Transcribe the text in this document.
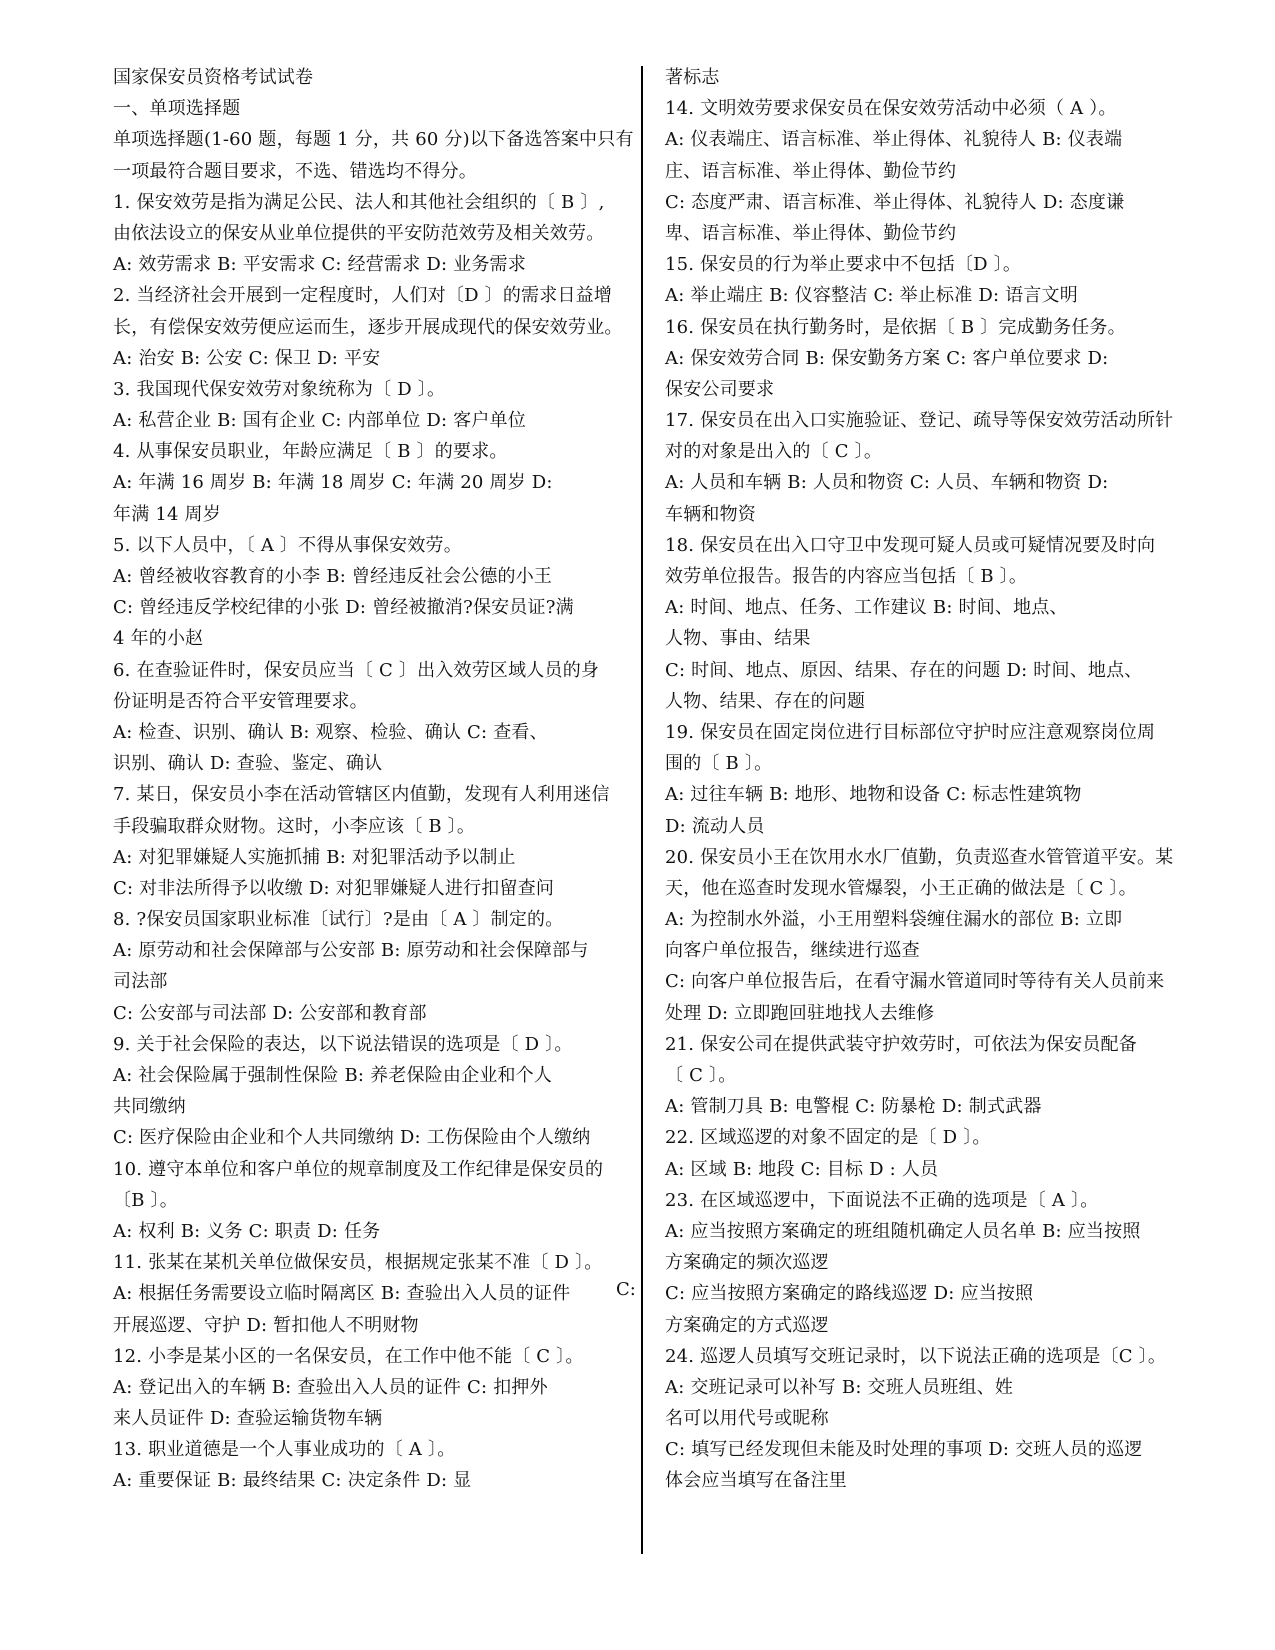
国家保安员资格考试试卷
一、单项选择题
单项选择题(1-60 题，每题 1 分，共 60 分)以下备选答案中只有
一项最符合题目要求，不选、错选均不得分。
1. 保安效劳是指为满足公民、法人和其他社会组织的〔 B 〕,
由依法设立的保安从业单位提供的平安防范效劳及相关效劳。
A: 效劳需求 B: 平安需求 C: 经营需求 D: 业务需求
2. 当经济社会开展到一定程度时，人们对〔D 〕的需求日益增
长，有偿保安效劳便应运而生，逐步开展成现代的保安效劳业。
A: 治安 B: 公安 C: 保卫 D: 平安
3. 我国现代保安效劳对象统称为〔 D 〕。
A: 私营企业 B: 国有企业 C: 内部单位 D: 客户单位
4. 从事保安员职业，年龄应满足〔 B 〕的要求。
A: 年满 16 周岁 B: 年满 18 周岁 C: 年满 20 周岁 D:
年满 14 周岁
5. 以下人员中，〔 A 〕不得从事保安效劳。
A: 曾经被收容教育的小李 B: 曾经违反社会公德的小王
C: 曾经违反学校纪律的小张 D: 曾经被撤消?保安员证?满
4 年的小赵
6. 在查验证件时，保安员应当〔 C 〕出入效劳区域人员的身
份证明是否符合平安管理要求。
A: 检查、识别、确认 B: 观察、检验、确认 C: 查看、
识别、确认 D: 查验、鉴定、确认
7. 某日，保安员小李在活动管辖区内值勤，发现有人利用迷信
手段骗取群众财物。这时，小李应该〔 B 〕。
A: 对犯罪嫌疑人实施抓捕 B: 对犯罪活动予以制止
C: 对非法所得予以收缴 D: 对犯罪嫌疑人进行扣留查问
8. ?保安员国家职业标准〔试行〕?是由〔 A 〕制定的。
A: 原劳动和社会保障部与公安部 B: 原劳动和社会保障部与
司法部
C: 公安部与司法部 D: 公安部和教育部
9. 关于社会保险的表达，以下说法错误的选项是〔 D 〕。
A: 社会保险属于强制性保险 B: 养老保险由企业和个人
共同缴纳
C: 医疗保险由企业和个人共同缴纳 D: 工伤保险由个人缴纳
10. 遵守本单位和客户单位的规章制度及工作纪律是保安员的
〔B 〕。
A: 权利 B: 义务 C: 职责 D: 任务
11. 张某在某机关单位做保安员，根据规定张某不准〔 D 〕。
A: 根据任务需要设立临时隔离区 B: 查验出入人员的证件
开展巡逻、守护 D: 暂扣他人不明财物
12. 小李是某小区的一名保安员，在工作中他不能〔 C 〕。
A: 登记出入的车辆 B: 查验出入人员的证件 C: 扣押外
来人员证件 D: 查验运输货物车辆
13. 职业道德是一个人事业成功的〔 A 〕。
A: 重要保证 B: 最终结果 C: 决定条件 D: 显
著标志
14. 文明效劳要求保安员在保安效劳活动中必须（ A ）。
A: 仪表端庄、语言标准、举止得体、礼貌待人 B: 仪表端
庄、语言标准、举止得体、勤俭节约
C: 态度严肃、语言标准、举止得体、礼貌待人 D: 态度谦
卑、语言标准、举止得体、勤俭节约
15. 保安员的行为举止要求中不包括〔D 〕。
A: 举止端庄 B: 仪容整洁 C: 举止标准 D: 语言文明
16. 保安员在执行勤务时，是依据〔 B 〕完成勤务任务。
A: 保安效劳合同 B: 保安勤务方案 C: 客户单位要求 D:
保安公司要求
17. 保安员在出入口实施验证、登记、疏导等保安效劳活动所针
对的对象是出入的〔 C 〕。
A: 人员和车辆 B: 人员和物资 C: 人员、车辆和物资 D:
车辆和物资
18. 保安员在出入口守卫中发现可疑人员或可疑情况要及时向
效劳单位报告。报告的内容应当包括〔 B 〕。
A: 时间、地点、任务、工作建议 B: 时间、地点、
人物、事由、结果
C: 时间、地点、原因、结果、存在的问题 D: 时间、地点、
人物、结果、存在的问题
19. 保安员在固定岗位进行目标部位守护时应注意观察岗位周
围的〔 B 〕。
A: 过往车辆 B: 地形、地物和设备 C: 标志性建筑物
D: 流动人员
20. 保安员小王在饮用水水厂值勤，负责巡查水管管道平安。某
天，他在巡查时发现水管爆裂，小王正确的做法是〔 C 〕。
A: 为控制水外溢，小王用塑料袋缠住漏水的部位 B: 立即
向客户单位报告，继续进行巡查
C: 向客户单位报告后，在看守漏水管道同时等待有关人员前来
处理 D: 立即跑回驻地找人去维修
21. 保安公司在提供武装守护效劳时，可依法为保安员配备
〔 C 〕。
A: 管制刀具 B: 电警棍 C: 防暴枪 D: 制式武器
22. 区域巡逻的对象不固定的是〔 D 〕。
A: 区域 B: 地段 C: 目标 D : 人员
23. 在区域巡逻中，下面说法不正确的选项是〔 A 〕。
A: 应当按照方案确定的班组随机确定人员名单 B: 应当按照
方案确定的频次巡逻
C: 应当按照方案确定的路线巡逻 D: 应当按照
方案确定的方式巡逻
24. 巡逻人员填写交班记录时，以下说法正确的选项是〔C 〕。
A: 交班记录可以补写 B: 交班人员班组、姓
名可以用代号或昵称
C: 填写已经发现但未能及时处理的事项 D: 交班人员的巡逻
体会应当填写在备注里
C:
